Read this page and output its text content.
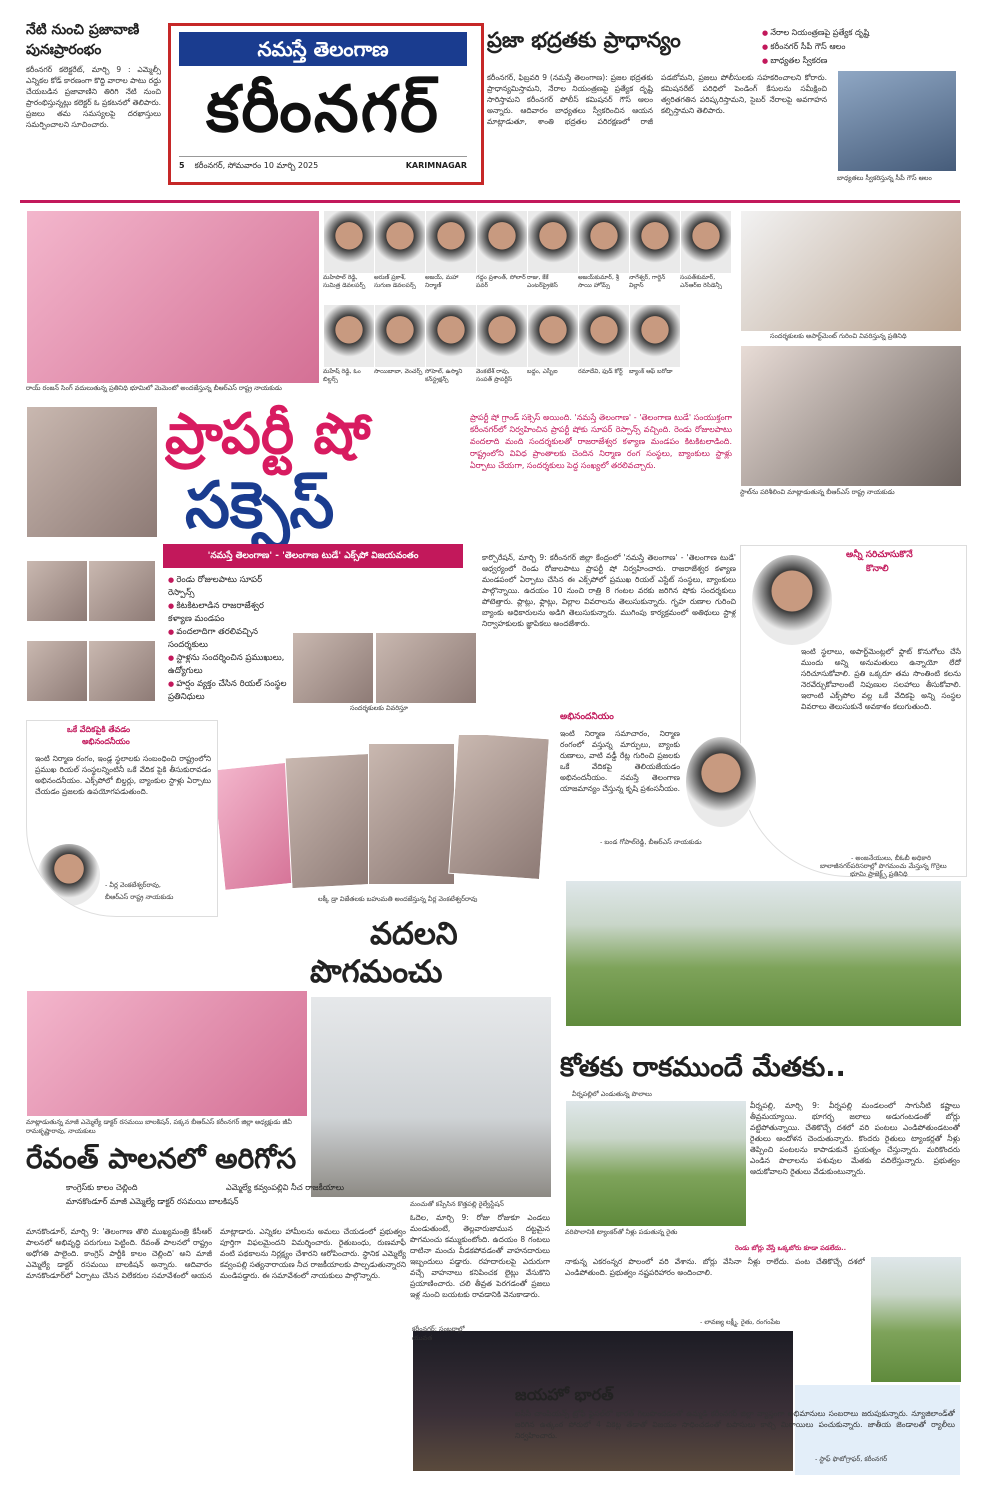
నమస్తే తెలంగాణ
కరీంనగర్
5 కరీంనగర్, సోమవారం 10 మార్చి 2025	KARIMNAGAR
నేటి నుంచి ప్రజావాణి పునఃప్రారంభం

కరీంనగర్ కలెక్టరేట్, మార్చి 9 : ఎమ్మెల్సీ ఎన్నికల కోడ్ కారణంగా కొద్ది వారాల పాటు రద్దు చేయబడిన ప్రజావాణిని తిరిగి నేటి నుంచి ప్రారంభిస్తున్నట్లు కలెక్టర్ ఓ ప్రకటనలో తెలిపారు. ప్రజలు తమ సమస్యలపై దరఖాస్తులు సమర్పించాలని సూచించారు.

ప్రజా భద్రతకు ప్రాధాన్యం
●	నేరాల నియంత్రణపై ప్రత్యేక దృష్టి
● కరీంనగర్ సీపీ గౌస్ ఆలం
● బాధ్యతల స్వీకరణ

కరీంనగర్, ఫిబ్రవరి 9 (నమస్తే తెలంగాణ): ప్రజల భద్రతకు ప్రాధాన్యమిస్తామని, నేరాల నియంత్రణపై ప్రత్యేక దృష్టి సారిస్తామని కరీంనగర్ పోలీస్ కమిషనర్ గౌస్ ఆలం అన్నారు. ఆదివారం బాధ్యతలు స్వీకరించిన ఆయన మాట్లాడుతూ, శాంతి భద్రతల పరిరక్షణలో రాజీ పడబోమని, ప్రజలు పోలీసులకు సహకరించాలని కోరారు. కమిషనరేట్ పరిధిలో పెండింగ్ కేసులను సమీక్షించి త్వరితగతిన పరిష్కరిస్తామని, సైబర్ నేరాలపై అవగాహన కల్పిస్తామని తెలిపారు.

బాధ్యతలు స్వీకరిస్తున్న సీపీ గౌస్ ఆలం
రాయ్ రంజన్ సింగ్ వదులుతున్న ప్రతినిధి భూమిలో మెమెంటో అందజేస్తున్న బీఆర్‌ఎస్ రాష్ట్ర నాయకుడు
మహిపాల్ రెడ్డి, సుమిత్ర డెవలపర్స్
అరుణ్ ప్రకాశ్, సుగుణ డెవలపర్స్
అజయ్, మహా నిర్మాణ్
గద్దం ప్రశాంత్, సోలార్ పవర్
రాజు, కేకే ఎంటర్‌ప్రైజెస్
అజయ్‌కుమార్, శ్రీ సాయి హోమ్స్
నాగేశ్వర్, గార్డెన్ విల్లాస్
సంపత్‌కుమార్, ఎన్ఆర్ఐ రెసిడెన్సీ
మహేష్ రెడ్డి, ఓం బిల్డర్స్
సాయిబాబా, వెంచర్స్ సోహెల్, ఉస్మాని కన్‌స్ట్రక్షన్స్
వెంకటేశ్ రావు, సంపత్ ప్రాపర్టీస్
బద్దం, ఎస్బీఐ	రమాదేవి, ఫుడ్ కోర్ట్	బ్యాంక్ ఆఫ్ బరోడా
సందర్శకులకు అపార్ట్‌మెంట్ గురించి వివరిస్తున్న ప్రతినిధి
స్టాల్‌ను పరిశీలించి మాట్లాడుతున్న బీఆర్‌ఎస్ రాష్ట్ర నాయకుడు
ప్రాపర్టీ షో
సక్సెస్
ప్రాపర్టీ షో గ్రాండ్ సక్సెస్ అయింది. 'నమస్తే తెలంగాణ' - 'తెలంగాణ టుడే' సంయుక్తంగా కరీంనగర్‌లో నిర్వహించిన ప్రాపర్టీ షోకు సూపర్ రెస్పాన్స్ వచ్చింది. రెండు రోజులపాటు వందలాది మంది సందర్శకులతో రాజరాజేశ్వర కళ్యాణ మండపం కిటకిటలాడింది. రాష్ట్రంలోని వివిధ ప్రాంతాలకు చెందిన నిర్మాణ రంగ సంస్థలు, బ్యాంకులు స్టాళ్లు ఏర్పాటు చేయగా, సందర్శకులు పెద్ద సంఖ్యలో తరలివచ్చారు.
'నమస్తే తెలంగాణ' - 'తెలంగాణ టుడే' ఎక్స్‌పో విజయవంతం
● రెండు రోజులపాటు సూపర్ రెస్పాన్స్
● కిటకిటలాడిన రాజరాజేశ్వర కళ్యాణ మండపం
● వందలాదిగా తరలివచ్చిన సందర్శకులు
● స్టాళ్లను సందర్శించిన ప్రముఖులు, ఉద్యోగులు
● హర్షం వ్యక్తం చేసిన రియల్ సంస్థల ప్రతినిధులు
సందర్శకులకు వివరిస్తూ
కార్పొరేషన్, మార్చి 9: కరీంనగర్ జిల్లా కేంద్రంలో 'నమస్తే తెలంగాణ' - 'తెలంగాణ టుడే' ఆధ్వర్యంలో రెండు రోజులపాటు ప్రాపర్టీ షో నిర్వహించారు. రాజరాజేశ్వర కళ్యాణ మండపంలో ఏర్పాటు చేసిన ఈ ఎక్స్‌పోలో ప్రముఖ రియల్ ఎస్టేట్ సంస్థలు, బ్యాంకులు పాల్గొన్నాయి. ఉదయం 10 నుంచి రాత్రి 8 గంటల వరకు జరిగిన షోకు సందర్శకులు పోటెత్తారు. ప్లాట్లు, ఫ్లాట్లు, విల్లాల వివరాలను తెలుసుకున్నారు. గృహ రుణాల గురించి బ్యాంకు అధికారులను అడిగి తెలుసుకున్నారు. ముగింపు కార్యక్రమంలో అతిథులు స్టాళ్ల నిర్వాహకులకు జ్ఞాపికలు అందజేశారు.
అన్నీ సరిచూసుకొనే
కొనాలి

ఇంటి స్థలాలు, అపార్ట్‌మెంట్లలో ఫ్లాట్ కొనుగోలు చేసే ముందు అన్ని అనుమతులు ఉన్నాయో లేదో సరిచూసుకోవాలి. ప్రతి ఒక్కరూ తమ సొంతింటి కలను నెరవేర్చుకోవాలంటే నిపుణుల సలహాలు తీసుకోవాలి. ఇలాంటి ఎక్స్‌పోల వల్ల ఒకే వేదికపై అన్ని సంస్థల వివరాలు తెలుసుకునే అవకాశం కలుగుతుంది.

- అంజనేయులు, బీఓబీ అధికారి
అభినందనీయం

ఇంటి నిర్మాణ సమాచారం, నిర్మాణ రంగంలో వస్తున్న మార్పులు, బ్యాంకు రుణాలు, వాటి వడ్డీ రేట్ల గురించి ప్రజలకు ఒకే వేదికపై తెలియజేయడం అభినందనీయం. నమస్తే తెలంగాణ యాజమాన్యం చేస్తున్న కృషి ప్రశంసనీయం.

- బండ గోపాల్‌రెడ్డి, బీఆర్‌ఎస్ నాయకుడు
భూమి ప్రాజెక్ట్స్ ప్రతినిధి
లక్కీ డ్రా విజేతలకు బహుమతి అందజేస్తున్న వీర్ల వెంకటేశ్వర్‌రావు
ఒకే వేదికపైకి తేవడం
అభినందనీయం

ఇంటి నిర్మాణ రంగం, ఇండ్ల స్థలాలకు సంబంధించి రాష్ట్రంలోని ప్రముఖ రియల్ సంస్థలన్నింటినీ ఒకే వేదిక పైకి తీసుకురావడం అభినందనీయం. ఎక్స్‌పోలో బిల్డర్లు, బ్యాంకుల స్టాళ్లు ఏర్పాటు చేయడం ప్రజలకు ఉపయోగపడుతుంది.

- వీర్ల వెంకటేశ్వర్‌రావు,
బీఆర్‌ఎస్ రాష్ట్ర నాయకుడు
వదలని
పొగమంచు
బాలాజీనగర్‌పరిసరాల్లో పొగమంచు మేస్తున్న గొర్రెలు
మంచుతో కప్పేసిన కొత్తపల్లి రైల్వేస్టేషన్
ఓదెల, మార్చి 9: రోజు రోజుకూ ఎండలు మండుతుంటే, తెల్లవారుజామున దట్టమైన పొగమంచు కమ్ముకుంటోంది. ఉదయం 8 గంటలు దాటినా మంచు వీడకపోవడంతో వాహనదారులు ఇబ్బందులు పడ్డారు. రహదారులపై ఎదురుగా వచ్చే వాహనాలు కనిపించక లైట్లు వేసుకొని ప్రయాణించారు. చలి తీవ్రత పెరగడంతో ప్రజలు ఇళ్ల నుంచి బయటకు రావడానికి వెనుకాడారు.
కోతకు రాకముందే మేతకు..
వీర్నపల్లిలో ఎండుతున్న పొలాలు
వరిపొలానికి ట్యాంకర్‌తో నీళ్లు పడుతున్న రైతు
వీర్నపల్లి, మార్చి 9: వీర్నపల్లి మండలంలో సాగునీటి కష్టాలు తీవ్రమయ్యాయి. భూగర్భ జలాలు అడుగంటడంతో బోర్లు వట్టిపోతున్నాయి. చేతికొచ్చే దశలో వరి పంటలు ఎండిపోతుండటంతో రైతులు ఆందోళన చెందుతున్నారు. కొందరు రైతులు ట్యాంకర్లతో నీళ్లు తెప్పించి పంటలను కాపాడుకునే ప్రయత్నం చేస్తున్నారు. మరికొందరు ఎండిన పొలాలను పశువుల మేతకు వదిలేస్తున్నారు. ప్రభుత్వం ఆదుకోవాలని రైతులు వేడుకుంటున్నారు.
రెండు బోర్లు వేస్తే ఒక్కబోరు కూడా పడలేదు..
నాకున్న ఎకరంన్నర పొలంలో వరి వేశాను. బోర్లు వేసినా నీళ్లు రాలేదు. పంట చేతికొచ్చే దశలో ఎండిపోతుంది. ప్రభుత్వం నష్టపరిహారం అందించాలి.
- లావణ్య లక్ష్మీ, రైతు, రంగంపేట
మాట్లాడుతున్న మాజీ ఎమ్మెల్యే డాక్టర్ రసమయి బాలకిషన్, పక్కన బీఆర్‌ఎస్ కరీంనగర్ జిల్లా అధ్యక్షుడు జీవీ రామకృష్ణారావు, నాయకులు
రేవంత్ పాలనలో అరిగోస
కాంగ్రెస్‌కు కాలం చెల్లింది	ఎమ్మెల్యే కవ్వంపల్లివి నీచ రాజకీయాలు
మానకొండూర్ మాజీ ఎమ్మెల్యే డాక్టర్ రసమయి బాలకిషన్
మానకొండూర్, మార్చి 9: 'తెలంగాణ తొలి ముఖ్యమంత్రి కేసీఆర్ పాలనలో అభివృద్ధి పరుగులు పెట్టింది. రేవంత్ పాలనలో రాష్ట్రం అధోగతి పాలైంది. కాంగ్రెస్ పార్టీకి కాలం చెల్లింది' అని మాజీ ఎమ్మెల్యే డాక్టర్ రసమయి బాలకిషన్ అన్నారు. ఆదివారం మానకొండూర్‌లో ఏర్పాటు చేసిన విలేకరుల సమావేశంలో ఆయన మాట్లాడారు. ఎన్నికల హామీలను అమలు చేయడంలో ప్రభుత్వం పూర్తిగా విఫలమైందని విమర్శించారు. రైతుబంధు, రుణమాఫీ వంటి పథకాలను నిర్లక్ష్యం చేశారని ఆరోపించారు. స్థానిక ఎమ్మెల్యే కవ్వంపల్లి సత్యనారాయణ నీచ రాజకీయాలకు పాల్పడుతున్నారని మండిపడ్డారు. ఈ సమావేశంలో నాయకులు పాల్గొన్నారు.
కరీంనగర్: సంబరాల్లో యువత
జయహో భారత్
ఐసీసీ చాంపియన్స్ ట్రోఫీ ఫైనల్‌లో భారత్ గెలుపొందడంతో ఉమ్మడి కరీంనగర్ జిల్లా వ్యాప్తంగా అభిమానులు సంబరాలు జరుపుకున్నారు. న్యూజిలాండ్‌తో జరిగిన ఉత్కంఠ పోరులో 4 వికెట్ల తేడాతో విజయం సాధించడంతో టపాసులు కాల్చి మిఠాయిలు పంచుకున్నారు. జాతీయ జెండాలతో ర్యాలీలు నిర్వహించారు.
- స్టాఫ్ ఫొటోగ్రాఫర్, కరీంనగర్
